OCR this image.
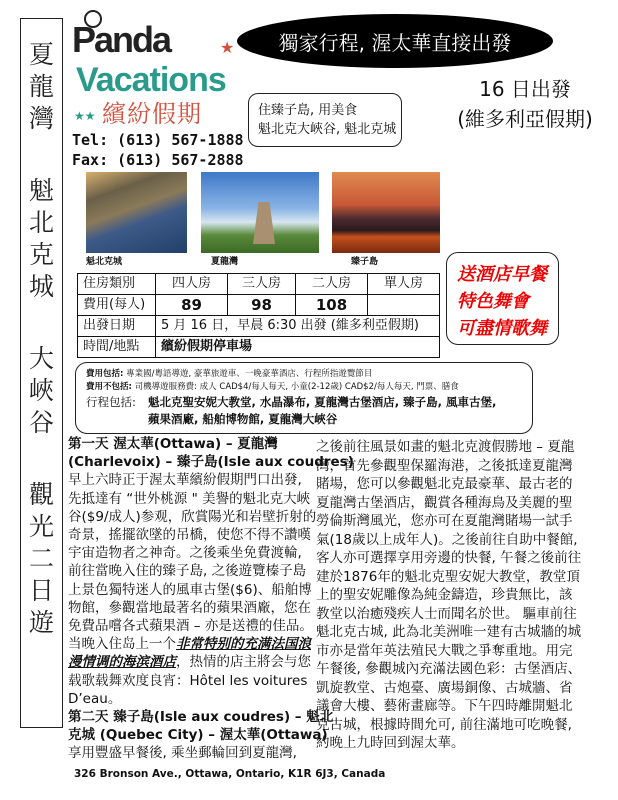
夏
龍
灣
魁
北
克
城
大
峽
谷
觀
光
二
日
遊
Panda	★
Vacations
★★ 繽紛假期
獨家行程, 渥太華直接出發
16 日出發
(維多利亞假期)
住臻子島, 用美食
魁北克大峽谷, 魁北克城
Tel: (613) 567-1888
Fax: (613) 567-2888
魁北克城	夏龍灣	臻子島
送酒店早餐
特色舞會
可盡情歌舞
住房類別	四人房	三人房	二人房	單人房
費用(每人)	89	98	108	
出發日期	5 月 16 日，早晨 6:30 出發 (維多利亞假期)			
時間/地點	繽紛假期停車場			
費用包括: 專業國/粵語導遊, 豪華旅遊車、一晚豪華酒店、行程所指遊覽節目
費用不包括: 司機導遊服務費: 成人 CAD$4/每人每天, 小童(2-12歲) CAD$2/每人每天, 門票、膳食
行程包括:	魁北克聖安妮大教堂, 水晶瀑布, 夏龍灣古堡酒店, 臻子島, 風車古堡,
蘋果酒廠, 船舶博物館, 夏龍灣大峽谷
第一天 渥太華(Ottawa) – 夏龍灣
(Charlevoix) – 臻子島(Isle aux coudres)
早上六時正于渥太華繽紛假期門口出發,
先抵達有 “世外桃源 " 美譽的魁北克大峽
谷($9/成人)参观，欣賞陽光和岩壁折射的
奇景，搖擺欲墜的吊橋，使您不得不讚嘆
宇宙造物者之神奇。之後乘坐免費渡輪,
前往當晚入住的臻子島, 之後遊覽榛子島
上景色獨特迷人的風車古堡($6)、船舶博
物館，參觀當地最著名的蘋果酒廠，您在
免費品嚐各式蘋果酒 – 亦是送禮的佳品。
当晚入住岛上一个非常特别的充满法国浪
漫情调的海滨酒店，热情的店主將会与您
载歌载舞欢度良宵：Hôtel les voitures
D’eau。
第二天 臻子島(Isle aux coudres) – 魁北
克城 (Quebec City) – 渥太華(Ottawa)
享用豐盛早餐後, 乘坐郵輪回到夏龍灣,
之後前往風景如畫的魁北克渡假勝地 – 夏龍
灣，首先參觀聖保羅海港，之後抵達夏龍灣
賭場，您可以參觀魁北克最豪華、最古老的
夏龍灣古堡酒店，觀賞各種海鳥及美麗的聖
勞倫斯灣風光，您亦可在夏龍灣賭場一試手
氣(18歲以上成年人)。之後前往自助中餐館,
客人亦可選擇享用旁邊的快餐, 午餐之後前往
建於1876年的魁北克聖安妮大教堂，教堂頂
上的聖安妮雕像為純金鑄造，珍貴無比，該
教堂以治癒殘疾人士而聞名於世。 驅車前往
魁北克古城, 此為北美洲唯一建有古城牆的城
市亦是當年英法殖民大戰之爭奪重地。用完
午餐後, 參觀城內充滿法國色彩：古堡酒店、
凱旋教堂、古炮臺、廣場銅像、古城牆、省
議會大樓、藝術畫廊等。下午四時離開魁北
克古城，根據時間允可, 前往滿地可吃晚餐,
約晚上九時回到渥太華。
326 Bronson Ave., Ottawa, Ontario, K1R 6J3, Canada
